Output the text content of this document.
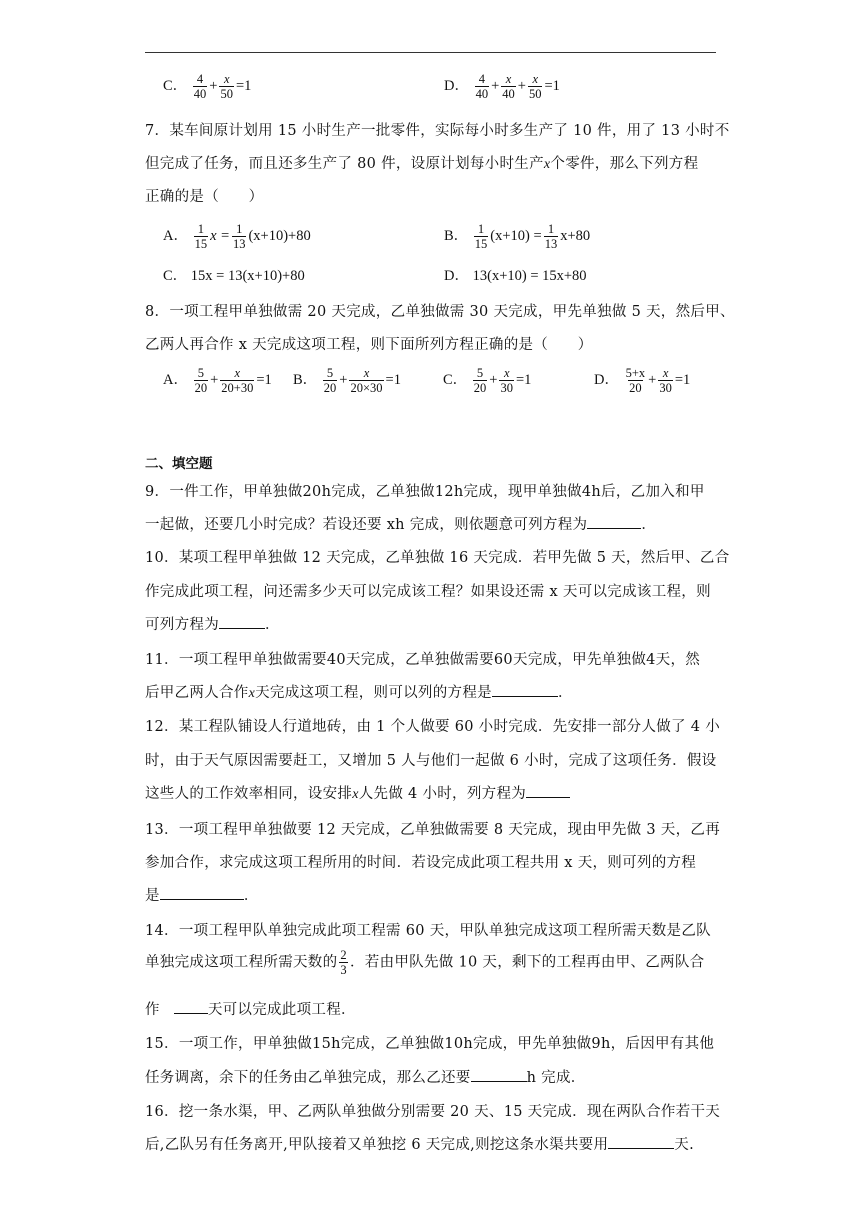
C． $\frac{4}{40} + \frac{x}{50} =1$	D． $\frac{4}{40} + \frac{x}{40} + \frac{x}{50} =1$
7．某车间原计划用 15 小时生产一批零件，实际每小时多生产了 10 件，用了 13 小时不
但完成了任务，而且还多生产了 80 件，设原计划每小时生产x个零件，那么下列方程
正确的是（　　）
A． $\frac{1}{15}$ $x = \frac{1}{13} (x+10)+80$	B． $\frac{1}{15} (x+10) = \frac{1}{13} x+80$
C． 15x = 13(x+10)+80	D． 13(x+10) = 15x+80
8．一项工程甲单独做需 20 天完成，乙单独做需 30 天完成，甲先单独做 5 天，然后甲、
乙两人再合作 x 天完成这项工程，则下面所列方程正确的是（　　）
A． $\frac{5}{20} + \frac{x}{20+30} =1$ B． $\frac{5}{20} + \frac{x}{20\times 30} =1$	C． $\frac{5}{20} + \frac{x}{30} =1$	D． $\frac{5+x}{20} + \frac{x}{30} =1$
二、填空题
9．一件工作，甲单独做20h完成，乙单独做12h完成，现甲单独做4h后，乙加入和甲
一起做，还要几小时完成？若设还要 xh 完成，则依题意可列方程为	．
10．某项工程甲单独做 12 天完成，乙单独做 16 天完成．若甲先做 5 天，然后甲、乙合
作完成此项工程，问还需多少天可以完成该工程？如果设还需 x 天可以完成该工程，则
可列方程为	．
11．一项工程甲单独做需要40天完成，乙单独做需要60天完成，甲先单独做4天，然
后甲乙两人合作x天完成这项工程，则可以列的方程是	．
12．某工程队铺设人行道地砖，由 1 个人做要 60 小时完成．先安排一部分人做了 4 小
时，由于天气原因需要赶工，又增加 5 人与他们一起做 6 小时，完成了这项任务．假设
这些人的工作效率相同，设安排x人先做 4 小时，列方程为
13．一项工程甲单独做要 12 天完成，乙单独做需要 8 天完成，现由甲先做 3 天，乙再
参加合作，求完成这项工程所用的时间．若设完成此项工程共用 x 天，则可列的方程
是	．
14．一项工程甲队单独完成此项工程需 60 天，甲队单独完成这项工程所需天数是乙队
单独完成这项工程所需天数的 $\frac{2}{3}$ ．若由甲队先做 10 天，剩下的工程再由甲、乙两队合
作	天可以完成此项工程．
15．一项工作，甲单独做15h完成，乙单独做10h完成，甲先单独做9h，后因甲有其他
任务调离，余下的任务由乙单独完成，那么乙还要	h 完成．
16．挖一条水渠，甲、乙两队单独做分别需要 20 天、15 天完成．现在两队合作若干天
后,乙队另有任务离开,甲队接着又单独挖 6 天完成,则挖这条水渠共要用	天.
